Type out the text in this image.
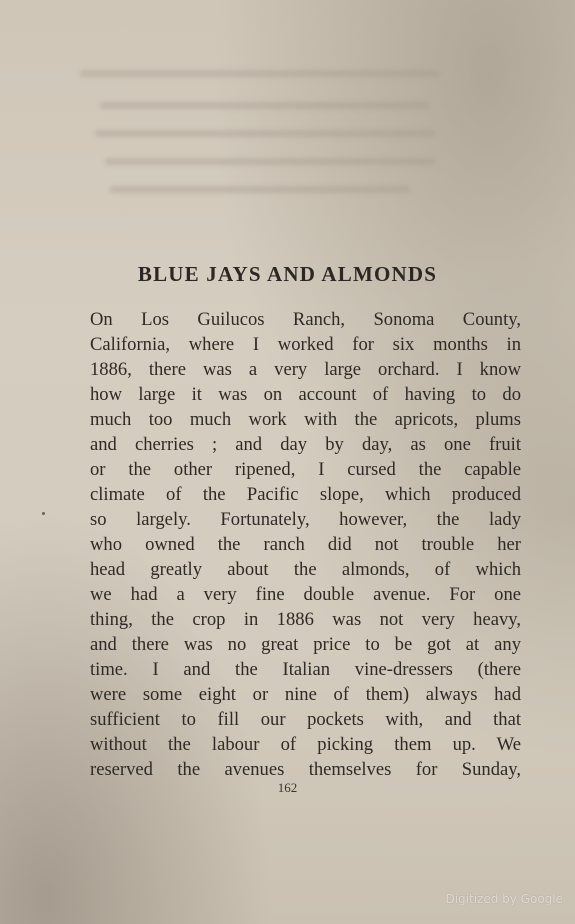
BLUE JAYS AND ALMONDS
On Los Guilucos Ranch, Sonoma County,
California, where I worked for six months in
1886, there was a very large orchard. I know
how large it was on account of having to do
much too much work with the apricots, plums
and cherries ; and day by day, as one fruit
or the other ripened, I cursed the capable
climate of the Pacific slope, which produced
so largely. Fortunately, however, the lady
who owned the ranch did not trouble her
head greatly about the almonds, of which
we had a very fine double avenue. For one
thing, the crop in 1886 was not very heavy,
and there was no great price to be got at any
time. I and the Italian vine-dressers (there
were some eight or nine of them) always had
sufficient to fill our pockets with, and that
without the labour of picking them up. We
reserved the avenues themselves for Sunday,

162

Digitized by Google
